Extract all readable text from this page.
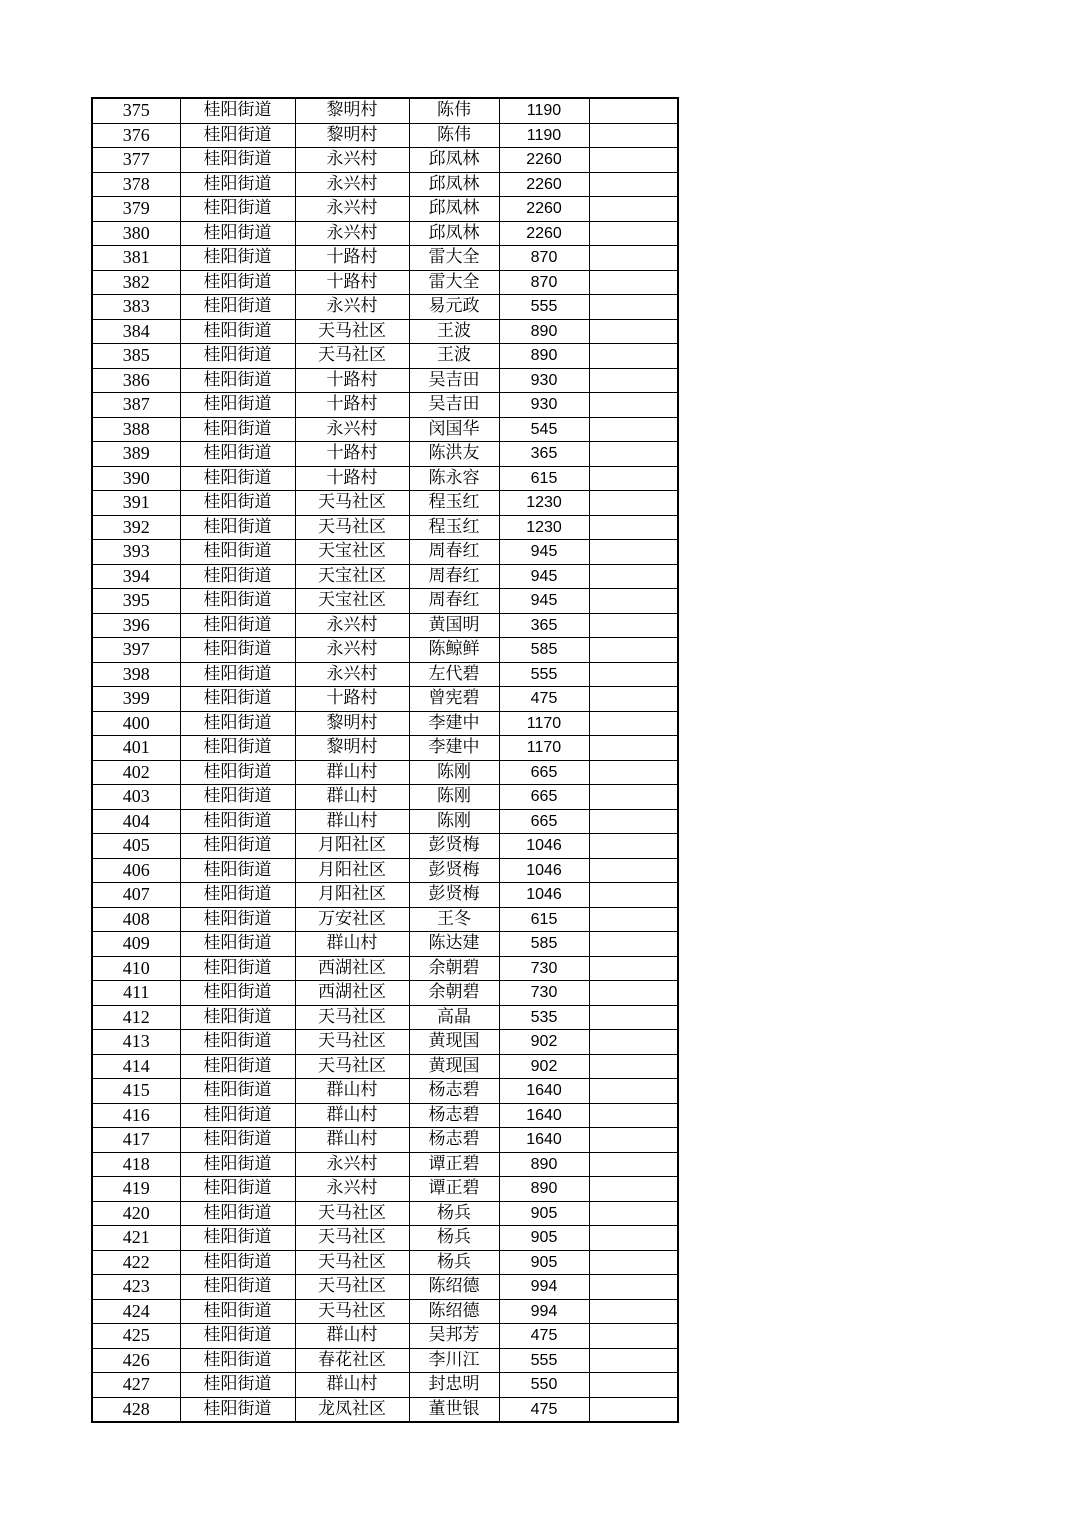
375	桂阳街道	黎明村	陈伟	1190	
376	桂阳街道	黎明村	陈伟	1190	
377	桂阳街道	永兴村	邱凤林	2260	
378	桂阳街道	永兴村	邱凤林	2260	
379	桂阳街道	永兴村	邱凤林	2260	
380	桂阳街道	永兴村	邱凤林	2260	
381	桂阳街道	十路村	雷大全	870	
382	桂阳街道	十路村	雷大全	870	
383	桂阳街道	永兴村	易元政	555	
384	桂阳街道	天马社区	王波	890	
385	桂阳街道	天马社区	王波	890	
386	桂阳街道	十路村	吴吉田	930	
387	桂阳街道	十路村	吴吉田	930	
388	桂阳街道	永兴村	闵国华	545	
389	桂阳街道	十路村	陈洪友	365	
390	桂阳街道	十路村	陈永容	615	
391	桂阳街道	天马社区	程玉红	1230	
392	桂阳街道	天马社区	程玉红	1230	
393	桂阳街道	天宝社区	周春红	945	
394	桂阳街道	天宝社区	周春红	945	
395	桂阳街道	天宝社区	周春红	945	
396	桂阳街道	永兴村	黄国明	365	
397	桂阳街道	永兴村	陈鲸鲜	585	
398	桂阳街道	永兴村	左代碧	555	
399	桂阳街道	十路村	曾宪碧	475	
400	桂阳街道	黎明村	李建中	1170	
401	桂阳街道	黎明村	李建中	1170	
402	桂阳街道	群山村	陈刚	665	
403	桂阳街道	群山村	陈刚	665	
404	桂阳街道	群山村	陈刚	665	
405	桂阳街道	月阳社区	彭贤梅	1046	
406	桂阳街道	月阳社区	彭贤梅	1046	
407	桂阳街道	月阳社区	彭贤梅	1046	
408	桂阳街道	万安社区	王冬	615	
409	桂阳街道	群山村	陈达建	585	
410	桂阳街道	西湖社区	余朝碧	730	
411	桂阳街道	西湖社区	余朝碧	730	
412	桂阳街道	天马社区	高晶	535	
413	桂阳街道	天马社区	黄现国	902	
414	桂阳街道	天马社区	黄现国	902	
415	桂阳街道	群山村	杨志碧	1640	
416	桂阳街道	群山村	杨志碧	1640	
417	桂阳街道	群山村	杨志碧	1640	
418	桂阳街道	永兴村	谭正碧	890	
419	桂阳街道	永兴村	谭正碧	890	
420	桂阳街道	天马社区	杨兵	905	
421	桂阳街道	天马社区	杨兵	905	
422	桂阳街道	天马社区	杨兵	905	
423	桂阳街道	天马社区	陈绍德	994	
424	桂阳街道	天马社区	陈绍德	994	
425	桂阳街道	群山村	吴邦芳	475	
426	桂阳街道	春花社区	李川江	555	
427	桂阳街道	群山村	封忠明	550	
428	桂阳街道	龙凤社区	董世银	475	
